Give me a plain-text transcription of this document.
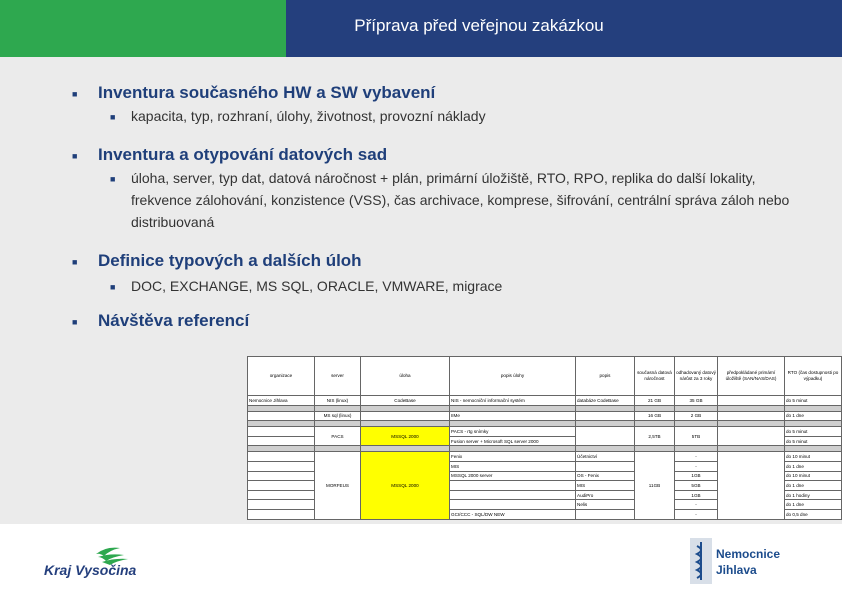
Příprava před veřejnou zakázkou
■ Inventura současného HW a SW vybavení
■ kapacita, typ, rozhraní, úlohy, životnost, provozní náklady
■ Inventura a otypování datových sad
■ úloha, server, typ dat, datová náročnost + plán, primární úložiště, RTO, RPO, replika do další lokality, frekvence zálohování, konzistence (VSS), čas archivace, komprese, šifrování, centrální správa záloh nebo distribuovaná
■ Definice typových a dalších úloh
■ DOC, EXCHANGE, MS SQL, ORACLE, VMWARE, migrace
■ Návštěva referencí
organizace	server	úloha	popis úlohy	popis	současná datová náročnost	odhadovaný datový nárůst za 3 roky	předpokládané primární úložiště (SAN/NAS/DAS)	RTO (čas dostupnosti po výpadku)
Nemocnice Jihlava	NIS (linux)	CodeBase	NIS - nemocniční informační systém	databáze CodeBase	21 GB	35 GB		do 5 minut

	MS sql (linux)		IIMe		16 GB	2 GB		do 1 dne

	PACS	MSSQL 2000	PACS - rtg snímky		2,5TB	5TB		do 5 minut
			Fusion server + Microsoft SQL server 2000					do 5 minut

	MORFEUS	MSSQL 2000	Fenix	Účetnictví	11GB	-		do 10 minut
			MIS			-		do 1 dne
			MSSQL 2000 server	OS - Fenix		1GB		do 10 minut
				MIS		5GB		do 1 dne
				AudiPro		1GB		do 1 hodiny
				Nelis		-		do 1 dne
			GCI/CCC - SQL/DW NEW			-		do 0,5 dne
Kraj Vysočina
Nemocnice
Jihlava
